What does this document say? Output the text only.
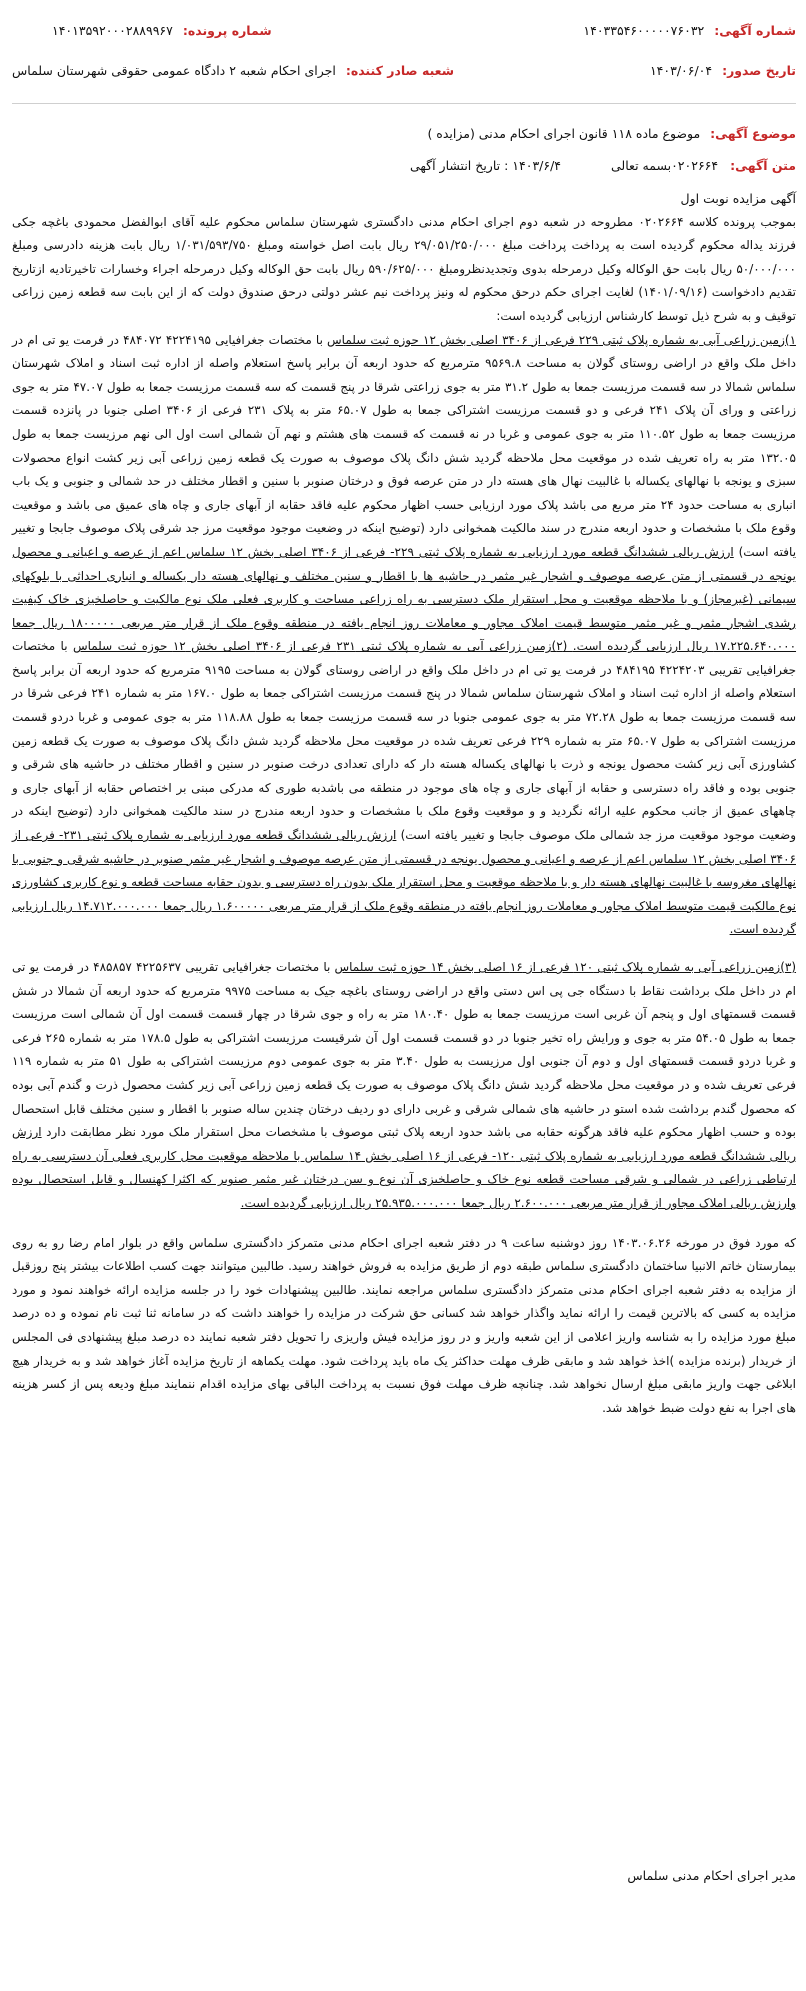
شماره آگهی: ۱۴۰۳۳۵۴۶۰۰۰۰۰۷۶۰۳۲
شماره پرونده: ۱۴۰۱۳۵۹۲۰۰۰۲۸۸۹۹۶۷
تاریخ صدور: ۱۴۰۳/۰۶/۰۴
شعبه صادر کننده: اجرای احکام شعبه ۲ دادگاه عمومی حقوقی شهرستان سلماس
موضوع آگهی: موضوع ماده ۱۱۸ قانون اجرای احکام مدنی (مزایده )
متن آگهی:
۰۲۰۲۶۶۴بسمه تعالی
۱۴۰۳/۶/۴ : تاریخ انتشار آگهی

آگهی مزایده نوبت اول

بموجب پرونده کلاسه ۰۲۰۲۶۶۴ مطروحه در شعبه دوم اجرای احکام مدنی دادگستری شهرستان سلماس محکوم علیه آقای ابوالفضل محمودی باغچه جکی فرزند یداله محکوم گردیده است به پرداخت پرداخت مبلغ ۲۹/۰۵۱/۲۵۰/۰۰۰ ریال بابت اصل خواسته ومبلغ ۱/۰۳۱/۵۹۳/۷۵۰ ریال بابت هزینه دادرسی ومبلغ ۵۰/۰۰۰/۰۰۰ ریال بابت حق الوکاله وکیل درمرحله بدوی وتجدیدنظرومبلغ ۵۹۰/۶۲۵/۰۰۰ ریال بابت حق الوکاله وکیل درمرحله اجراء وخسارات تاخیرتادیه ازتاریخ تقدیم دادخواست (۱۴۰۱/۰۹/۱۶) لغایت اجرای حکم درحق محکوم له ونیز پرداخت نیم عشر دولتی درحق صندوق دولت که از این بابت سه قطعه زمین زراعی توقیف و به شرح ذیل توسط کارشناس ارزیابی گردیده است:

۱)زمین زراعی آبی به شماره پلاک ثبتی ۲۲۹ فرعی از ۳۴۰۶ اصلی بخش ۱۲ حوزه ثبت سلماس با مختصات جغرافیایی ۴۲۲۴۱۹۵ ۴۸۴۰۷۲ در فرمت یو تی ام در داخل ملک واقع در اراضی روستای گولان به مساحت ۹۵۶۹.۸ مترمربع که حدود اربعه آن برابر پاسخ استعلام واصله از اداره ثبت اسناد و املاک شهرستان سلماس شمالا در سه قسمت مرزیست جمعا به طول ۳۱.۲ متر به جوی زراعتی شرقا در پنج قسمت که سه قسمت مرزیست جمعا به طول ۴۷.۰۷ متر به جوی زراعتی و ورای آن پلاک ۲۴۱ فرعی و دو قسمت مرزیست اشتراکی جمعا به طول ۶۵.۰۷ متر به پلاک ۲۳۱ فرعی از ۳۴۰۶ اصلی جنوبا در پانزده قسمت مرزیست جمعا به طول ۱۱۰.۵۲ متر به جوی عمومی و غربا در نه قسمت که قسمت های هشتم و نهم آن شمالی است اول الی نهم مرزیست جمعا به طول ۱۳۲.۰۵ متر به راه تعریف شده در موقعیت محل ملاحظه گردید شش دانگ پلاک موصوف به صورت یک قطعه زمین زراعی آبی زیر کشت انواع محصولات سبزی و یونجه با نهالهای یکساله با غالبیت نهال های هسته دار در متن عرصه فوق و درختان صنوبر با سنین و اقطار مختلف در حد شمالی و جنوبی و یک باب انباری به مساحت حدود ۲۴ متر مربع می باشد پلاک مورد ارزیابی حسب اظهار محکوم علیه فاقد حقابه از آبهای جاری و چاه های عمیق می باشد و موقعیت وقوع ملک با مشخصات و حدود اربعه مندرج در سند مالکیت همخوانی دارد (توضیح اینکه در وضعیت موجود موقعیت مرز جد شرقی پلاک موصوف جابجا و تغییر یافته است) ارزش ریالی ششدانگ قطعه مورد ارزیابی به شماره پلاک ثبتی ۲۲۹- فرعی از ۳۴۰۶ اصلی بخش ۱۲ سلماس اعم از عرصه و اعیانی و محصول یونجه در قسمتی از متن عرصه موصوف و اشجار غیر مثمر در حاشیه ها با اقطار و سنین مختلف و نهالهای هسته دار یکساله و انباری احداثی با بلوکهای سیمانی (غیرمجاز) و با ملاحظه موقعیت و محل استقرار ملک دسترسی به راه زراعی مساحت و کاربری فعلی ملک نوع مالکیت و حاصلخیزی خاک کیفیت رشدی اشجار مثمر و غیر مثمر متوسط قیمت املاک مجاور و معاملات روز انجام یافته در منطقه وقوع ملک از قرار متر مربعی ۱۸۰۰۰۰۰ ریال جمعا ۱۷.۲۲۵.۶۴۰.۰۰۰ ریال ارزیابی گردیده است. (۲)زمین زراعی آبی به شماره پلاک ثبتی ۲۳۱ فرعی از ۳۴۰۶ اصلی بخش ۱۲ حوزه ثبت سلماس با مختصات جغرافیایی تقریبی ۴۲۲۴۲۰۳ ۴۸۴۱۹۵ در فرمت یو تی ام در داخل ملک واقع در اراضی روستای گولان به مساحت ۹۱۹۵ مترمربع که حدود اربعه آن برابر پاسخ استعلام واصله از اداره ثبت اسناد و املاک شهرستان سلماس شمالا در پنج قسمت مرزیست اشتراکی جمعا به طول ۱۶۷.۰ متر به شماره ۲۴۱ فرعی شرقا در سه قسمت مرزیست جمعا به طول ۷۲.۲۸ متر به جوی عمومی جنوبا در سه قسمت مرزیست جمعا به طول ۱۱۸.۸۸ متر به جوی عمومی و غربا دردو قسمت مرزیست اشتراکی به طول ۶۵.۰۷ متر به شماره ۲۲۹ فرعی تعریف شده در موقعیت محل ملاحظه گردید شش دانگ پلاک موصوف به صورت یک قطعه زمین کشاورزی آبی زیر کشت محصول یونجه و ذرت با نهالهای یکساله هسته دار که دارای تعدادی درخت صنوبر در سنین و اقطار مختلف در حاشیه های شرقی و جنوبی بوده و فاقد راه دسترسی و حقابه از آبهای جاری و چاه های موجود در منطقه می باشدبه طوری که مدرکی مبنی بر اختصاص حقابه از آبهای جاری و چاههای عمیق از جانب محکوم علیه ارائه نگردید و و موقعیت وقوع ملک با مشخصات و حدود اربعه مندرج در سند مالکیت همخوانی دارد (توضیح اینکه در وضعیت موجود موقعیت مرز جد شمالی ملک موصوف جابجا و تغییر یافته است) ارزش ریالی ششدانگ قطعه مورد ارزیابی به شماره پلاک ثبتی ۲۳۱- فرعی از ۳۴۰۶ اصلی بخش ۱۲ سلماس اعم از عرصه و اعیانی و محصول یونجه در قسمتی از متن عرصه موصوف و اشجار غیر مثمر صنوبر در حاشیه شرقی و جنوبی با نهالهای مغروسه با غالبیت نهالهای هسته دار و با ملاحظه موقعیت و محل استقرار ملک بدون راه دسترسی و بدون حقابه مساحت قطعه و نوع کاربری کشاورزی نوع مالکیت قیمت متوسط املاک مجاور و معاملات روز انجام یافته در منطقه وقوع ملک از قرار متر مربعی ۱.۶۰۰۰۰۰ ریال جمعا ۱۴.۷۱۲.۰۰۰.۰۰۰ ریال ارزیابی گردیده است.

(۳)زمین زراعی آبی به شماره پلاک ثبتی ۱۲۰ فرعی از ۱۶ اصلی بخش ۱۴ حوزه ثبت سلماس با مختصات جغرافیایی تقریبی ۴۲۲۵۶۳۷ ۴۸۵۸۵۷ در فرمت یو تی ام در داخل ملک برداشت نقاط با دستگاه جی پی اس دستی واقع در اراضی روستای باغچه جیک به مساحت ۹۹۷۵ مترمربع که حدود اربعه آن شمالا در شش قسمت قسمتهای اول و پنجم آن غربی است مرزیست جمعا به طول ۱۸۰.۴۰ متر به راه و جوی شرقا در چهار قسمت قسمت اول آن شمالی است مرزیست جمعا به طول ۵۴.۰۵ متر به جوی و ورایش راه تخیر جنوبا در دو قسمت قسمت اول آن شرقیست مرزیست اشتراکی به طول ۱۷۸.۵ متر به شماره ۲۶۵ فرعی و غربا دردو قسمت قسمتهای اول و دوم آن جنوبی اول مرزیست به طول ۳.۴۰ متر به جوی عمومی دوم مرزیست اشتراکی به طول ۵۱ متر به شماره ۱۱۹ فرعی تعریف شده و در موقعیت محل ملاحظه گردید شش دانگ پلاک موصوف به صورت یک قطعه زمین زراعی آبی زیر کشت محصول ذرت و گندم آبی بوده که محصول گندم برداشت شده استو در حاشیه های شمالی شرقی و غربی دارای دو ردیف درختان چندین ساله صنوبر با اقطار و سنین مختلف قابل استحصال بوده و حسب اظهار محکوم علیه فاقد هرگونه حقابه می باشد حدود اربعه پلاک ثبتی موصوف با مشخصات محل استقرار ملک مورد نظر مطابقت دارد ارزش ریالی ششدانگ قطعه مورد ارزیابی به شماره پلاک ثبتی ۱۲۰- فرعی از ۱۶ اصلی بخش ۱۴ سلماس با ملاحظه موقعیت محل کاربری فعلی آن دسترسی به راه ارتباطی زراعی در شمالی و شرقی مساحت قطعه نوع خاک و حاصلخیزی آن نوع و سن درختان غیر مثمر صنوبر که اکثرا کهنسال و قابل استحصال بوده وارزش ریالی املاک مجاور از قرار متر مربعی ۲.۶۰۰.۰۰۰ ریال جمعا ۲۵.۹۳۵.۰۰۰.۰۰۰ ریال ارزیابی گردیده است.

که مورد فوق در مورخه ۱۴۰۳.۰۶.۲۶ روز دوشنبه ساعت ۹ در دفتر شعبه اجرای احکام مدنی متمرکز دادگستری سلماس واقع در بلوار امام رضا رو به روی بیمارستان خاتم الانبیا ساختمان دادگستری سلماس طبقه دوم از طریق مزایده به فروش خواهند رسید. طالبین میتوانند جهت کسب اطلاعات بیشتر پنج روزقبل از مزایده به دفتر شعبه اجرای احکام مدنی متمرکز دادگستری سلماس مراجعه نمایند. طالبین پیشنهادات خود را در جلسه مزایده ارائه خواهند نمود و مورد مزایده به کسی که بالاترین قیمت را ارائه نماید واگذار خواهد شد کسانی حق شرکت در مزایده را خواهند داشت که در سامانه ثنا ثبت نام نموده و ده درصد مبلغ مورد مزایده را به شناسه واریز اعلامی از این شعبه واریز و در روز مزایده فیش واریزی را تحویل دفتر شعبه نمایند ده درصد مبلغ پیشنهادی فی المجلس از خریدار (برنده مزایده )اخذ خواهد شد و مابقی ظرف مهلت حداکثر یک ماه باید پرداخت شود. مهلت یکماهه از تاریخ مزایده آغاز خواهد شد و به خریدار هیچ ابلاغی جهت واریز مابقی مبلغ ارسال نخواهد شد. چنانچه ظرف مهلت فوق نسبت به پرداخت الباقی بهای مزایده اقدام ننمایند مبلغ ودیعه پس از کسر هزینه های اجرا به نفع دولت ضبط خواهد شد.

مدیر اجرای احکام مدنی سلماس
